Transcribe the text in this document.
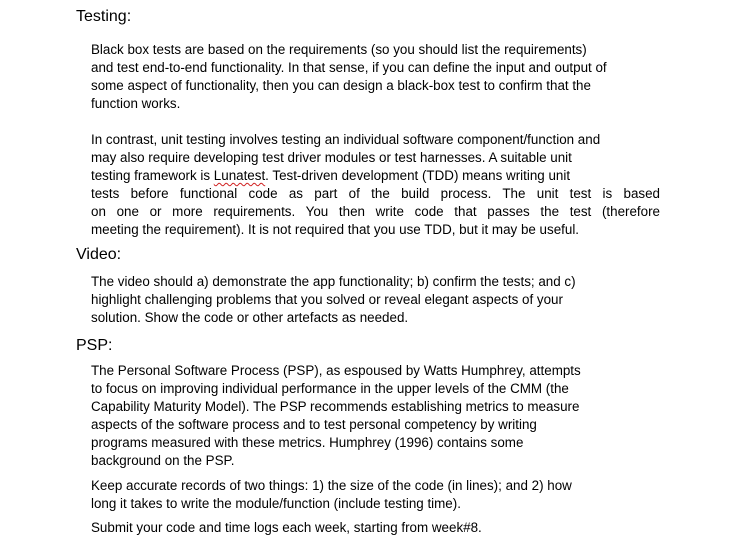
Testing:
Black box tests are based on the requirements (so you should list the requirements)
and test end-to-end functionality. In that sense, if you can define the input and output of
some aspect of functionality, then you can design a black-box test to confirm that the
function works.
In contrast, unit testing involves testing an individual software component/function and
may also require developing test driver modules or test harnesses. A suitable unit
testing framework is Lunatest. Test-driven development (TDD) means writing unit
tests before functional code as part of the build process. The unit test is based
on one or more requirements. You then write code that passes the test (therefore
meeting the requirement). It is not required that you use TDD, but it may be useful.
Video:
The video should a) demonstrate the app functionality; b) confirm the tests; and c)
highlight challenging problems that you solved or reveal elegant aspects of your
solution. Show the code or other artefacts as needed.
PSP:
The Personal Software Process (PSP), as espoused by Watts Humphrey, attempts
to focus on improving individual performance in the upper levels of the CMM (the
Capability Maturity Model). The PSP recommends establishing metrics to measure
aspects of the software process and to test personal competency by writing
programs measured with these metrics. Humphrey (1996) contains some
background on the PSP.
Keep accurate records of two things: 1) the size of the code (in lines); and 2) how
long it takes to write the module/function (include testing time).
Submit your code and time logs each week, starting from week#8.
